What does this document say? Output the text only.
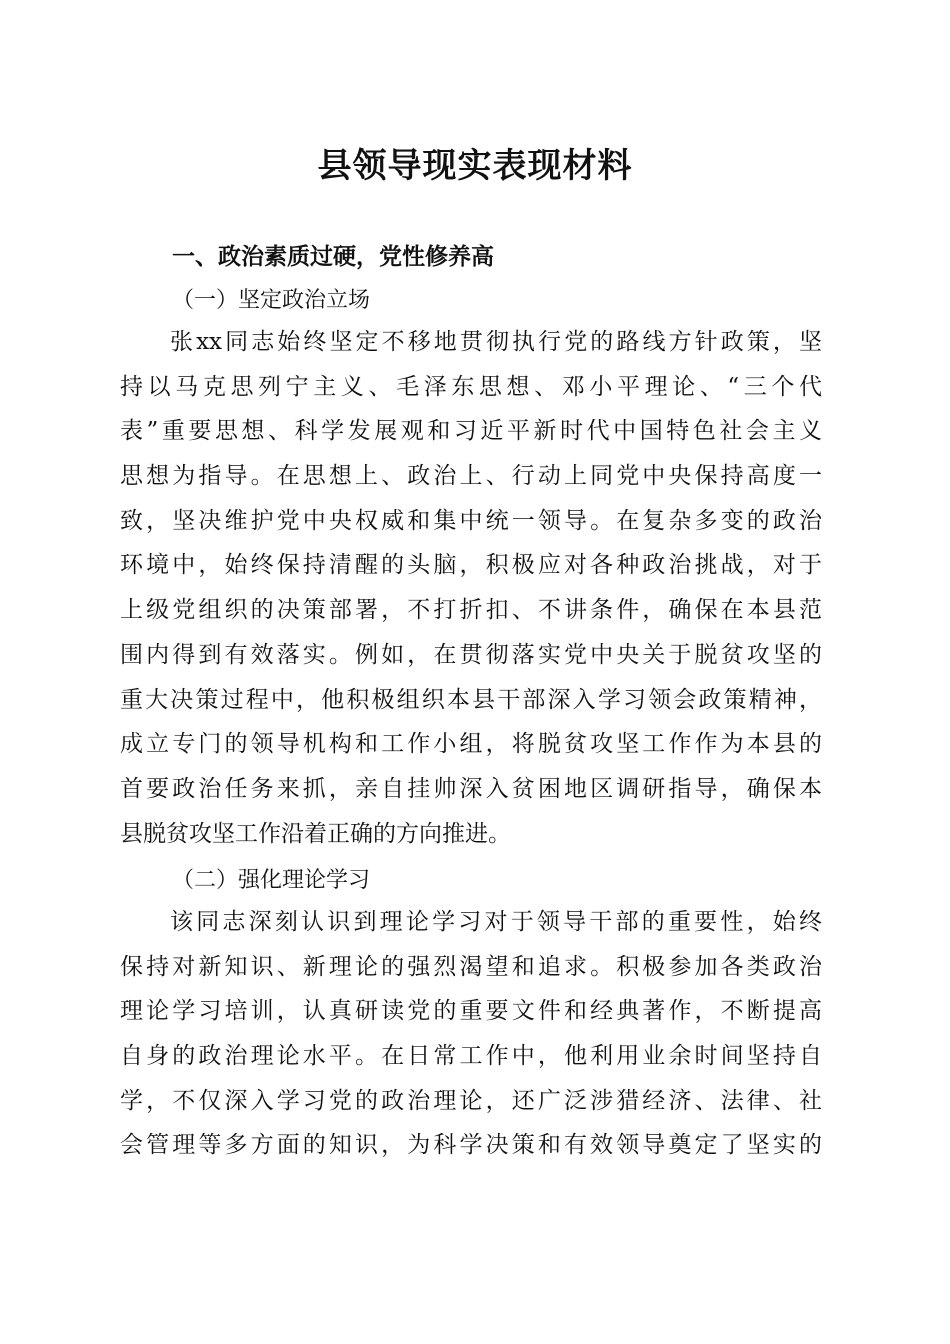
县领导现实表现材料
一、政治素质过硬，党性修养高
（一）坚定政治立场
张xx同志始终坚定不移地贯彻执行党的路线方针政策，坚
持以马克思列宁主义、毛泽东思想、邓小平理论、“三个代
表”重要思想、科学发展观和习近平新时代中国特色社会主义
思想为指导。在思想上、政治上、行动上同党中央保持高度一
致，坚决维护党中央权威和集中统一领导。在复杂多变的政治
环境中，始终保持清醒的头脑，积极应对各种政治挑战，对于
上级党组织的决策部署，不打折扣、不讲条件，确保在本县范
围内得到有效落实。例如，在贯彻落实党中央关于脱贫攻坚的
重大决策过程中，他积极组织本县干部深入学习领会政策精神，
成立专门的领导机构和工作小组，将脱贫攻坚工作作为本县的
首要政治任务来抓，亲自挂帅深入贫困地区调研指导，确保本
县脱贫攻坚工作沿着正确的方向推进。
（二）强化理论学习
该同志深刻认识到理论学习对于领导干部的重要性，始终
保持对新知识、新理论的强烈渴望和追求。积极参加各类政治
理论学习培训，认真研读党的重要文件和经典著作，不断提高
自身的政治理论水平。在日常工作中，他利用业余时间坚持自
学，不仅深入学习党的政治理论，还广泛涉猎经济、法律、社
会管理等多方面的知识，为科学决策和有效领导奠定了坚实的
